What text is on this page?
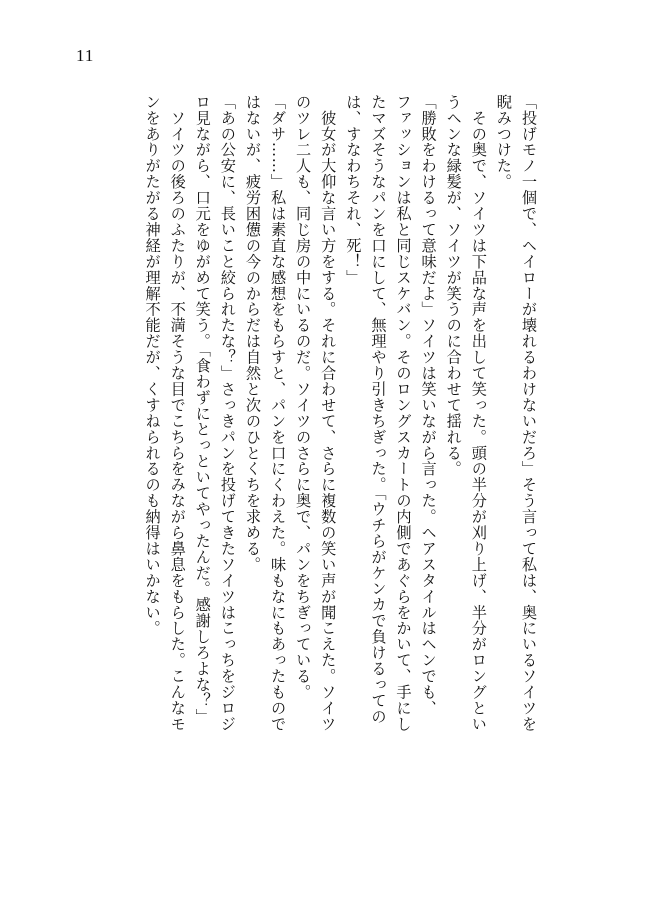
11
「投げモノ一個で、ヘイローが壊れるわけないだろ」そう言って私は、奥にいるソイツを
睨みつけた。
　その奥で、ソイツは下品な声を出して笑った。頭の半分が刈り上げ、半分がロングとい
うヘンな緑髪が、ソイツが笑うのに合わせて揺れる。
「勝敗をわけるって意味だよ」ソイツは笑いながら言った。ヘアスタイルはヘンでも、
ファッションは私と同じスケバン。そのロングスカートの内側であぐらをかいて、手にし
たマズそうなパンを口にして、無理やり引きちぎった。「ウチらがケンカで負けるっての
は、すなわちそれ、死！」
　彼女が大仰な言い方をする。それに合わせて、さらに複数の笑い声が聞こえた。ソイツ
のツレ二人も、同じ房の中にいるのだ。ソイツのさらに奥で、パンをちぎっている。
「ダサ……」私は素直な感想をもらすと、パンを口にくわえた。味もなにもあったもので
はないが、疲労困憊の今のからだは自然と次のひとくちを求める。
「あの公安に、長いこと絞られたな？」さっきパンを投げてきたソイツはこっちをジロジ
ロ見ながら、口元をゆがめて笑う。「食わずにとっといてやったんだ。感謝しろよな？」
　ソイツの後ろのふたりが、不満そうな目でこちらをみながら鼻息をもらした。こんなモ
ンをありがたがる神経が理解不能だが、くすねられるのも納得はいかない。
